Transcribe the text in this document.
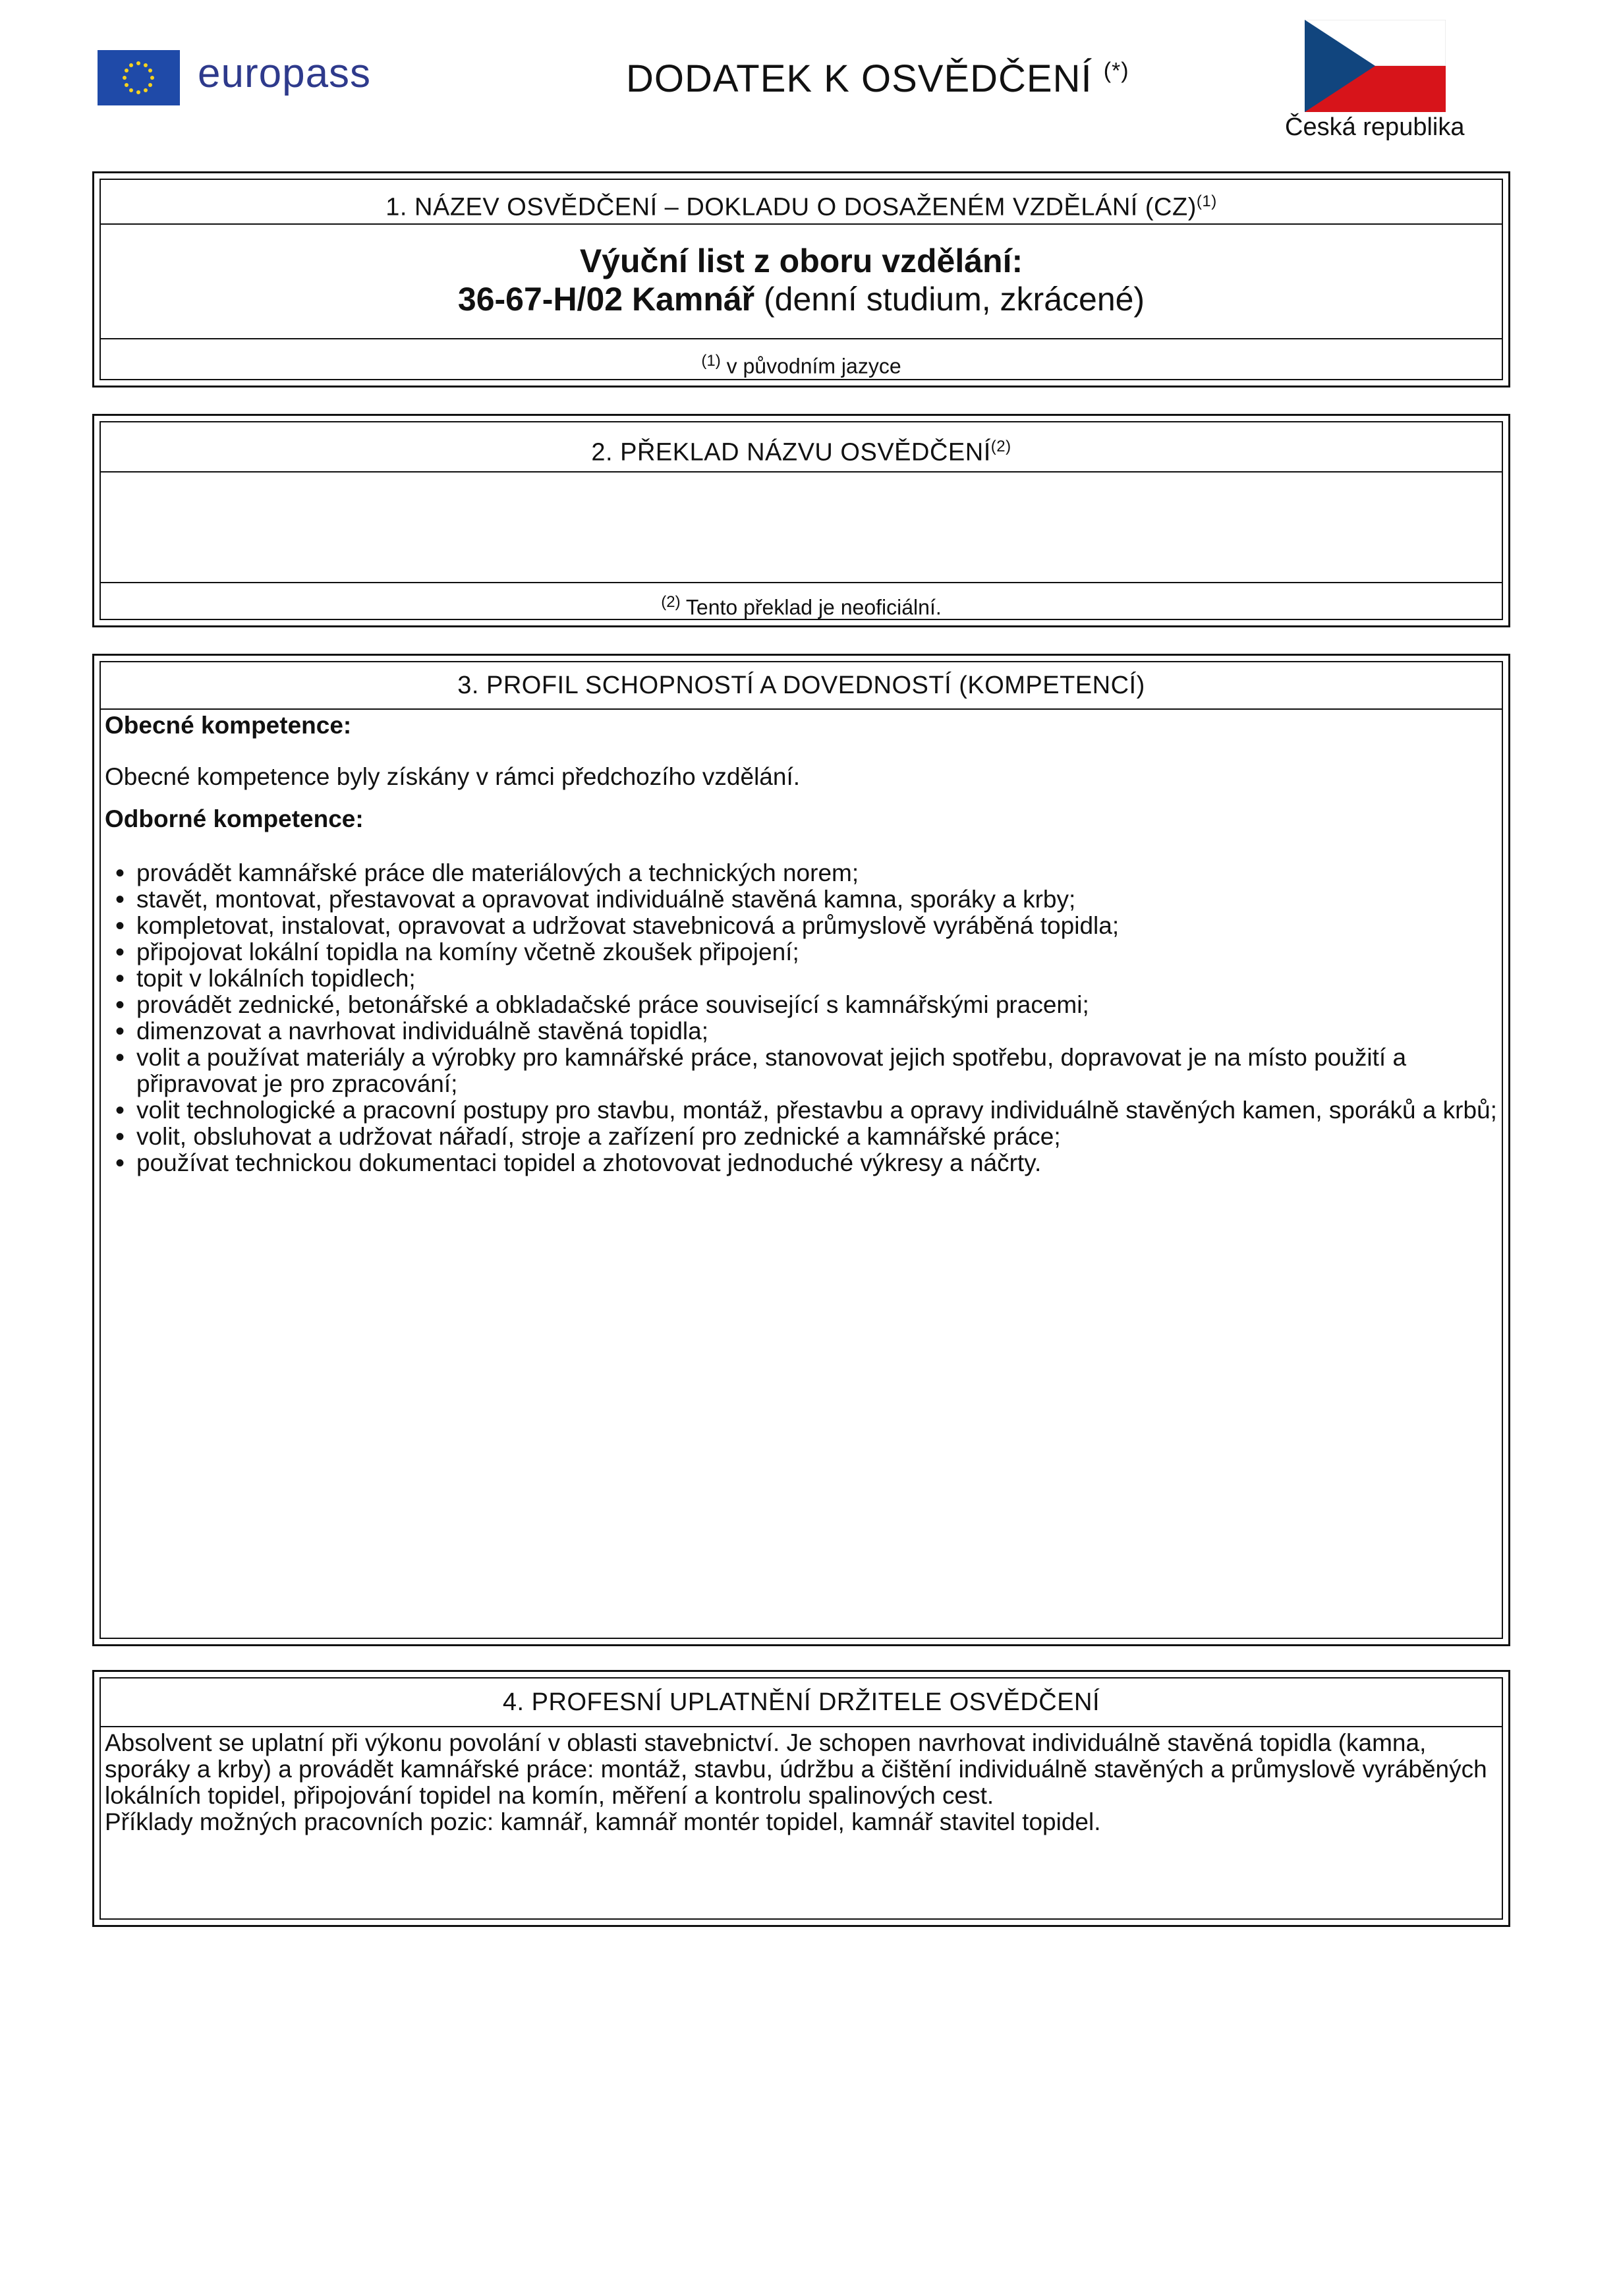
europass	DODATEK K OSVĚDČENÍ (*)
Česká republika
1. NÁZEV OSVĚDČENÍ – DOKLADU O DOSAŽENÉM VZDĚLÁNÍ (CZ)$^{(1)}$
Výuční list z oboru vzdělání:
36-67-H/02 Kamnář (denní studium, zkrácené)
$^{(1)}$ v původním jazyce
2. PŘEKLAD NÁZVU OSVĚDČENÍ$^{(2)}$
$^{(2)}$ Tento překlad je neoficiální.
3. PROFIL SCHOPNOSTÍ A DOVEDNOSTÍ (KOMPETENCÍ)
Obecné kompetence:
Obecné kompetence byly získány v rámci předchozího vzdělání.
Odborné kompetence:
• provádět kamnářské práce dle materiálových a technických norem;
• stavět, montovat, přestavovat a opravovat individuálně stavěná kamna, sporáky a krby;
• kompletovat, instalovat, opravovat a udržovat stavebnicová a průmyslově vyráběná topidla;
• připojovat lokální topidla na komíny včetně zkoušek připojení;
• topit v lokálních topidlech;
• provádět zednické, betonářské a obkladačské práce související s kamnářskými pracemi;
• dimenzovat a navrhovat individuálně stavěná topidla;
• volit a používat materiály a výrobky pro kamnářské práce, stanovovat jejich spotřebu, dopravovat je na místo použití a připravovat je pro zpracování;
• volit technologické a pracovní postupy pro stavbu, montáž, přestavbu a opravy individuálně stavěných kamen, sporáků a krbů;
• volit, obsluhovat a udržovat nářadí, stroje a zařízení pro zednické a kamnářské práce;
• používat technickou dokumentaci topidel a zhotovovat jednoduché výkresy a náčrty.
4. PROFESNÍ UPLATNĚNÍ DRŽITELE OSVĚDČENÍ
Absolvent se uplatní při výkonu povolání v oblasti stavebnictví. Je schopen navrhovat individuálně stavěná topidla (kamna, sporáky a krby) a provádět kamnářské práce: montáž, stavbu, údržbu a čištění individuálně stavěných a průmyslově vyráběných lokálních topidel, připojování topidel na komín, měření a kontrolu spalinových cest.
Příklady možných pracovních pozic: kamnář, kamnář montér topidel, kamnář stavitel topidel.
